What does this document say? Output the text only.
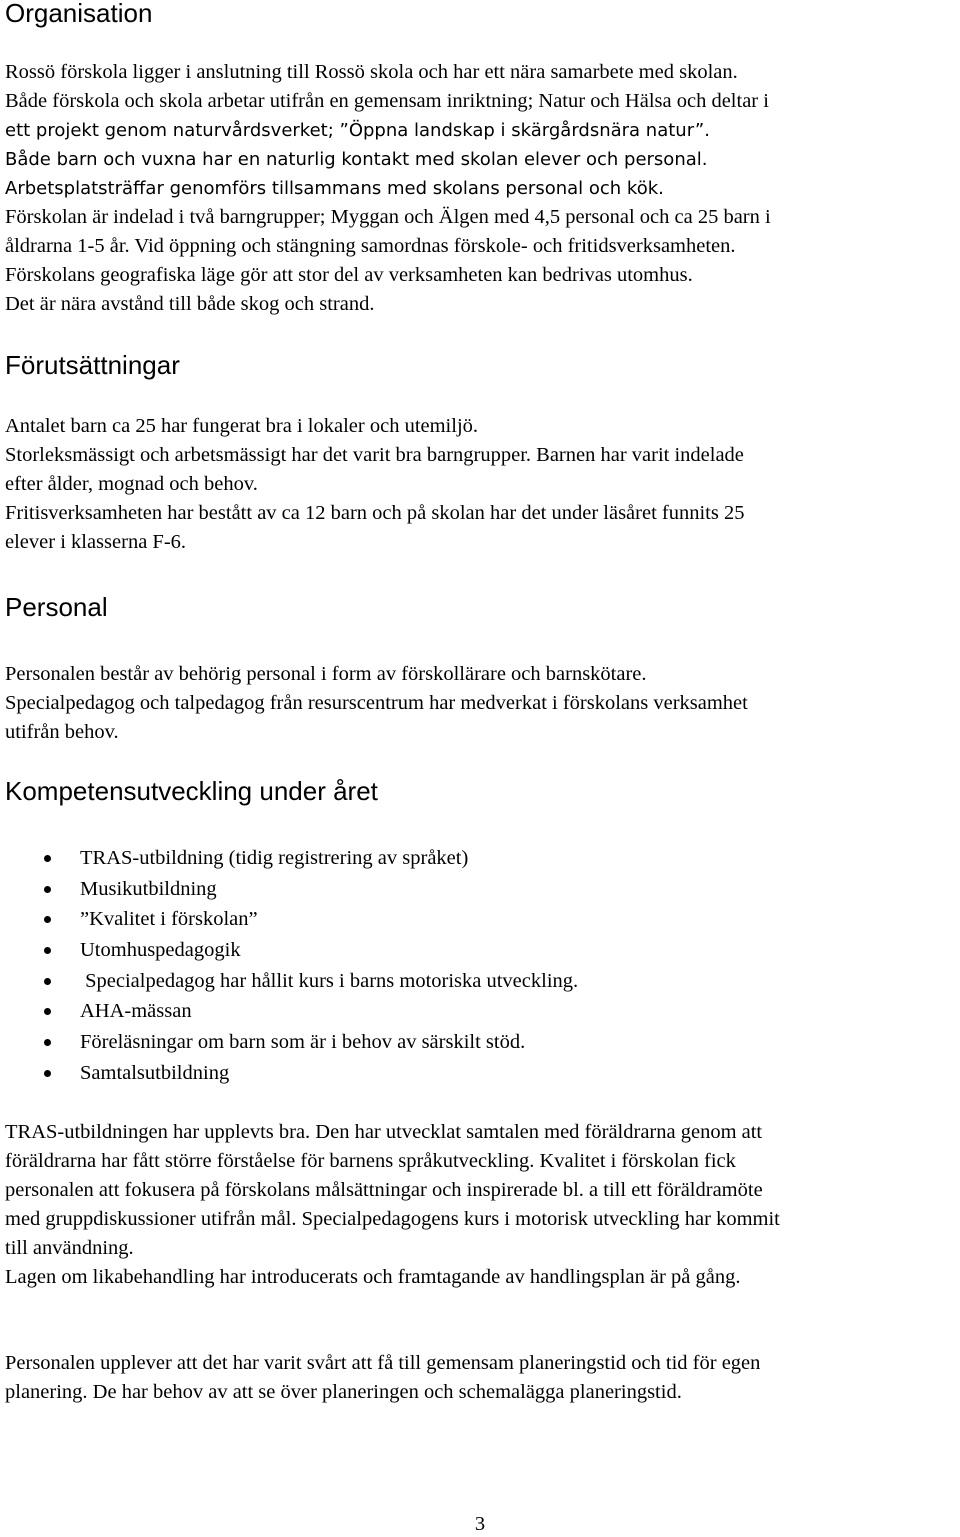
Organisation
Rossö förskola ligger i anslutning till Rossö skola och har ett nära samarbete med skolan.
Både förskola och skola arbetar utifrån en gemensam inriktning; Natur och Hälsa och deltar i
ett projekt genom naturvårdsverket; ”Öppna landskap i skärgårdsnära natur”.
Både barn och vuxna har en naturlig kontakt med skolan elever och personal.
Arbetsplatsträffar genomförs tillsammans med skolans personal och kök.
Förskolan är indelad i två barngrupper; Myggan och Älgen med 4,5 personal och ca 25 barn i
åldrarna 1-5 år. Vid öppning och stängning samordnas förskole- och fritidsverksamheten.
Förskolans geografiska läge gör att stor del av verksamheten kan bedrivas utomhus.
Det är nära avstånd till både skog och strand.
Förutsättningar
Antalet barn ca 25 har fungerat bra i lokaler och utemiljö.
Storleksmässigt och arbetsmässigt har det varit bra barngrupper. Barnen har varit indelade
efter ålder, mognad och behov.
Fritisverksamheten har bestått av ca 12 barn och på skolan har det under läsåret funnits 25
elever i klasserna F-6.
Personal
Personalen består av behörig personal i form av förskollärare och barnskötare.
Specialpedagog och talpedagog från resurscentrum har medverkat i förskolans verksamhet
utifrån behov.
Kompetensutveckling under året
TRAS-utbildning (tidig registrering av språket)
Musikutbildning
”Kvalitet i förskolan”
Utomhuspedagogik
Specialpedagog har hållit kurs i barns motoriska utveckling.
AHA-mässan
Föreläsningar om barn som är i behov av särskilt stöd.
Samtalsutbildning
TRAS-utbildningen har upplevts bra. Den har utvecklat samtalen med föräldrarna genom att
föräldrarna har fått större förståelse för barnens språkutveckling. Kvalitet i förskolan fick
personalen att fokusera på förskolans målsättningar och inspirerade bl. a till ett föräldramöte
med gruppdiskussioner utifrån mål. Specialpedagogens kurs i motorisk utveckling har kommit
till användning.
Lagen om likabehandling har introducerats och framtagande av handlingsplan är på gång.
Personalen upplever att det har varit svårt att få till gemensam planeringstid och tid för egen
planering. De har behov av att se över planeringen och schemalägga planeringstid.
3
